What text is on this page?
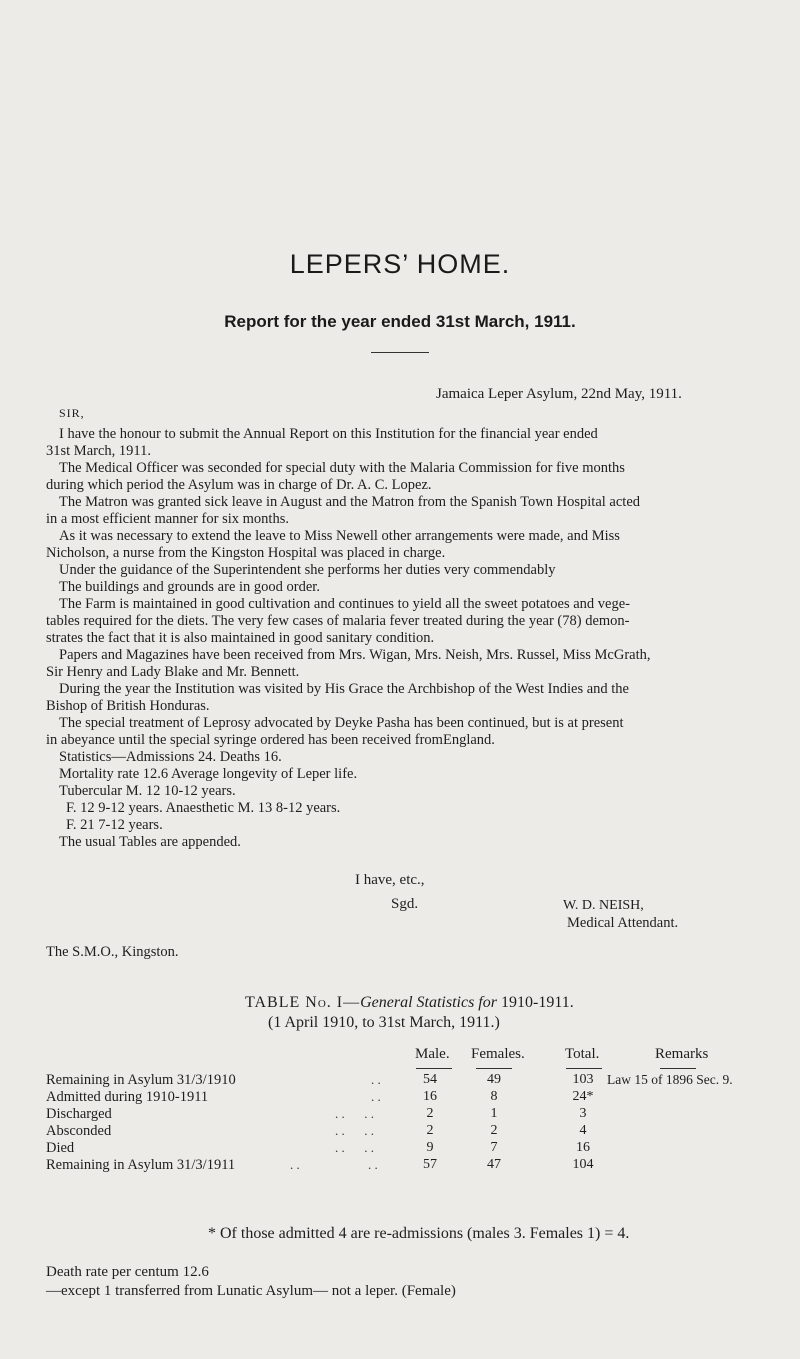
LEPERS’ HOME.
Report for the year ended 31st March, 1911.
Jamaica Leper Asylum, 22nd May, 1911.
SIR,
I have the honour to submit the Annual Report on this Institution for the financial year ended
31st March, 1911.
The Medical Officer was seconded for special duty with the Malaria Commission for five months
during which period the Asylum was in charge of Dr. A. C. Lopez.
The Matron was granted sick leave in August and the Matron from the Spanish Town Hospital acted
in a most efficient manner for six months.
As it was necessary to extend the leave to Miss Newell other arrangements were made, and Miss
Nicholson, a nurse from the Kingston Hospital was placed in charge.
Under the guidance of the Superintendent she performs her duties very commendably
The buildings and grounds are in good order.
The Farm is maintained in good cultivation and continues to yield all the sweet potatoes and vege-
tables required for the diets. The very few cases of malaria fever treated during the year (78) demon-
strates the fact that it is also maintained in good sanitary condition.
Papers and Magazines have been received from Mrs. Wigan, Mrs. Neish, Mrs. Russel, Miss McGrath,
Sir Henry and Lady Blake and Mr. Bennett.
During the year the Institution was visited by His Grace the Archbishop of the West Indies and the
Bishop of British Honduras.
The special treatment of Leprosy advocated by Deyke Pasha has been continued, but is at present
in abeyance until the special syringe ordered has been received fromEngland.
Statistics—Admissions 24. Deaths 16.
Mortality rate 12.6 Average longevity of Leper life.
Tubercular M. 12 10-12 years.
F. 12 9-12 years. Anaesthetic M. 13 8-12 years.
F. 21 7-12 years.
The usual Tables are appended.
I have, etc.,
Sgd.	W. D. NEISH,
Medical Attendant.
The S.M.O., Kingston.
TABLE No. I—General Statistics for 1910-1911.
(1 April 1910, to 31st March, 1911.)
Male. Females.	Total.	Remarks
Remaining in Asylum 31/3/1910	. .	54	49	103	Law 15 of 1896 Sec. 9.
Admitted during 1910-1911	. .	16	8	24*
Discharged	. .      . .	2	1	3
Absconded	. .      . .	2	2	4
Died	. .      . .	9	7	16
Remaining in Asylum 31/3/1911	. .                     . .	57	47	104
* Of those admitted 4 are re-admissions (males 3. Females 1) = 4.
Death rate per centum 12.6
—except 1 transferred from Lunatic Asylum— not a leper. (Female)
